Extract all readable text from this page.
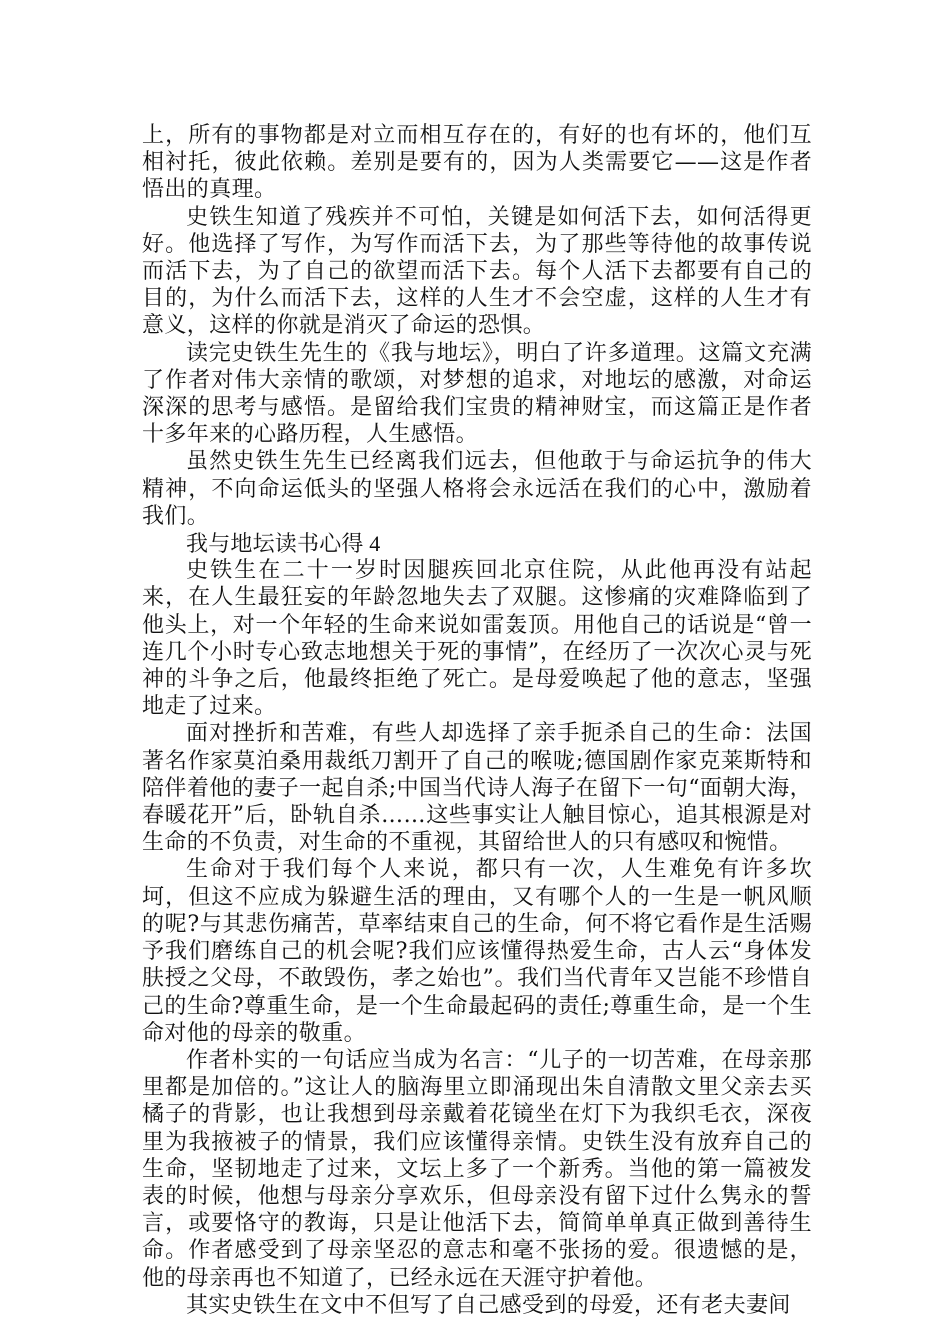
上，所有的事物都是对立而相互存在的，有好的也有坏的，他们互相衬托，彼此依赖。差别是要有的，因为人类需要它——这是作者悟出的真理。

史铁生知道了残疾并不可怕，关键是如何活下去，如何活得更好。他选择了写作，为写作而活下去，为了那些等待他的故事传说而活下去，为了自己的欲望而活下去。每个人活下去都要有自己的目的，为什么而活下去，这样的人生才不会空虚，这样的人生才有意义，这样的你就是消灭了命运的恐惧。

读完史铁生先生的《我与地坛》，明白了许多道理。这篇文充满了作者对伟大亲情的歌颂，对梦想的追求，对地坛的感激，对命运深深的思考与感悟。是留给我们宝贵的精神财宝，而这篇正是作者十多年来的心路历程，人生感悟。

虽然史铁生先生已经离我们远去，但他敢于与命运抗争的伟大精神，不向命运低头的坚强人格将会永远活在我们的心中，激励着我们。

我与地坛读书心得 4

史铁生在二十一岁时因腿疾回北京住院，从此他再没有站起来，在人生最狂妄的年龄忽地失去了双腿。这惨痛的灾难降临到了他头上，对一个年轻的生命来说如雷轰顶。用他自己的话说是“曾一连几个小时专心致志地想关于死的事情”，在经历了一次次心灵与死神的斗争之后，他最终拒绝了死亡。是母爱唤起了他的意志，坚强地走了过来。

面对挫折和苦难，有些人却选择了亲手扼杀自己的生命：法国著名作家莫泊桑用裁纸刀割开了自己的喉咙;德国剧作家克莱斯特和陪伴着他的妻子一起自杀;中国当代诗人海子在留下一句“面朝大海，春暖花开”后，卧轨自杀……这些事实让人触目惊心，追其根源是对生命的不负责，对生命的不重视，其留给世人的只有感叹和惋惜。

生命对于我们每个人来说，都只有一次，人生难免有许多坎坷，但这不应成为躲避生活的理由，又有哪个人的一生是一帆风顺的呢?与其悲伤痛苦，草率结束自己的生命，何不将它看作是生活赐予我们磨练自己的机会呢?我们应该懂得热爱生命，古人云“身体发肤授之父母，不敢毁伤，孝之始也”。我们当代青年又岂能不珍惜自己的生命?尊重生命，是一个生命最起码的责任;尊重生命，是一个生命对他的母亲的敬重。

作者朴实的一句话应当成为名言：“儿子的一切苦难，在母亲那里都是加倍的。”这让人的脑海里立即涌现出朱自清散文里父亲去买橘子的背影，也让我想到母亲戴着花镜坐在灯下为我织毛衣，深夜里为我掖被子的情景，我们应该懂得亲情。史铁生没有放弃自己的生命，坚韧地走了过来，文坛上多了一个新秀。当他的第一篇被发表的时候，他想与母亲分享欢乐，但母亲没有留下过什么隽永的誓言，或要恪守的教诲，只是让他活下去，简简单单真正做到善待生命。作者感受到了母亲坚忍的意志和毫不张扬的爱。很遗憾的是，他的母亲再也不知道了，已经永远在天涯守护着他。

其实史铁生在文中不但写了自己感受到的母爱，还有老夫妻间
